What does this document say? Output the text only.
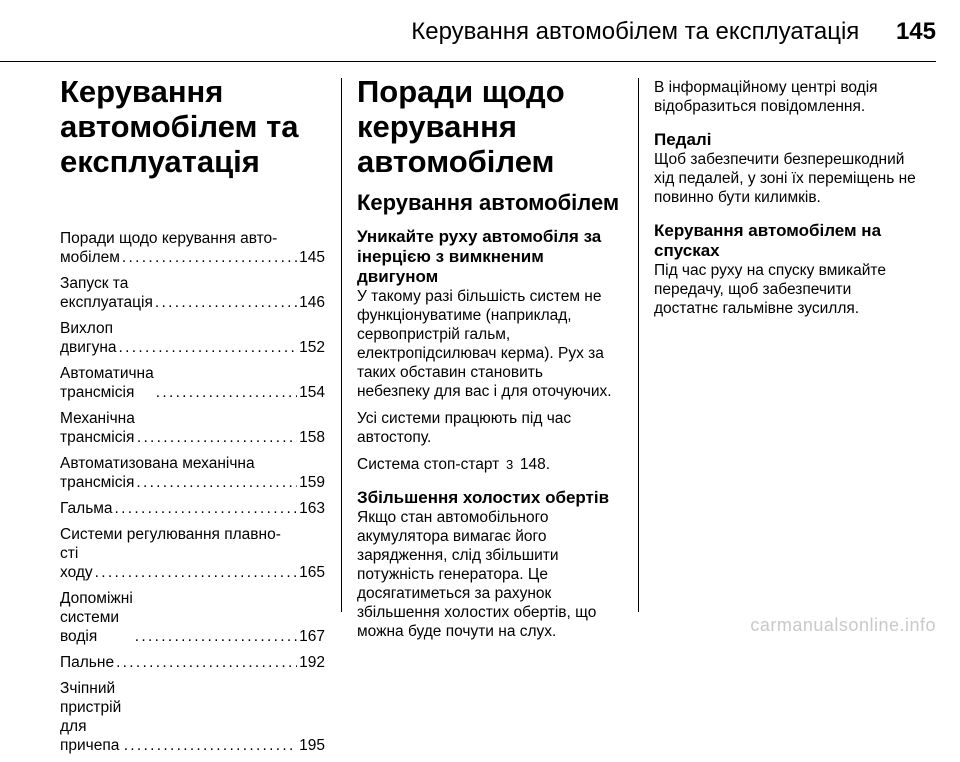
Керування автомобілем та експлуатація 145
Керування
автомобілем та
експлуатація
Поради щодо керування авто-
мобілем . . .	145
Запуск та експлуатація . . .	146
Вихлоп двигуна . . .	152
Автоматична трансмісія . . .	154
Механічна трансмісія . . .	158
Автоматизована механічна
трансмісія . . .	159
Гальма . . .	163
Системи регулювання плавно-
сті ходу . . .	165
Допоміжні системи водія . . .	167
Пальне . . .	192
Зчіпний пристрій для причепа . . .	195
Поради щодо
керування
автомобілем
Керування автомобілем
Уникайте руху автомобіля за
інерцією з вимкненим
двигуном
У такому разі більшість систем не
функціонуватиме (наприклад,
сервопристрій гальм,
електропідсилювач керма). Рух за
таких обставин становить
небезпеку для вас і для оточуючих.
Усі системи працюють під час
автостопу.
Система стоп-старт 3 148.
Збільшення холостих обертів
Якщо стан автомобільного
акумулятора вимагає його
зарядження, слід збільшити
потужність генератора. Це
досягатиметься за рахунок
збільшення холостих обертів, що
можна буде почути на слух.
В інформаційному центрі водія
відобразиться повідомлення.
Педалі
Щоб забезпечити безперешкодний
хід педалей, у зоні їх переміщень не
повинно бути килимків.
Керування автомобілем на
спусках
Під час руху на спуску вмикайте
передачу, щоб забезпечити
достатнє гальмівне зусилля.
carmanualsonline.info
